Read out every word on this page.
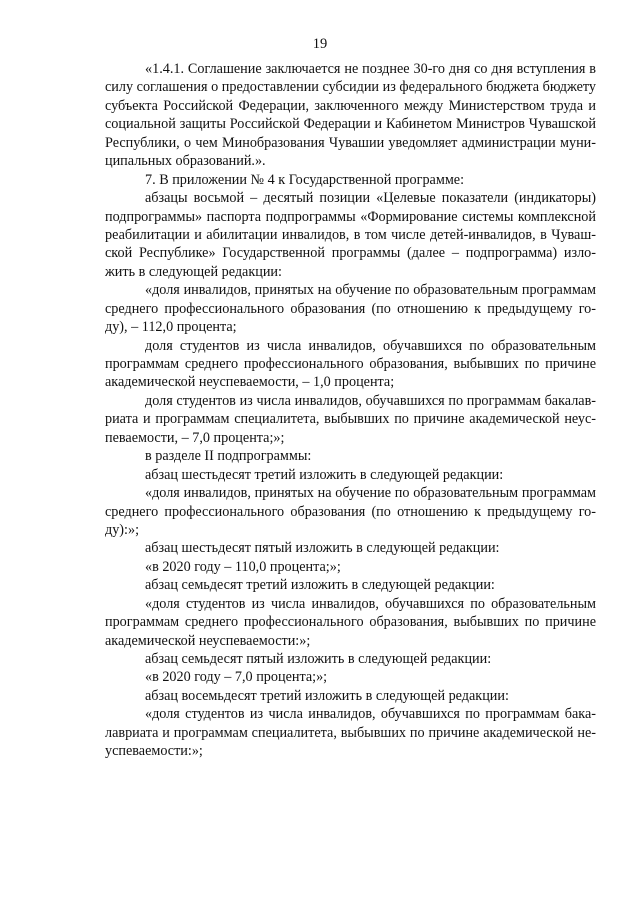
19
«1.4.1. Соглашение заключается не позднее 30-го дня со дня вступления в
силу соглашения о предоставлении субсидии из федерального бюджета бюджету
субъекта Российской Федерации, заключенного между Министерством труда и
социальной защиты Российской Федерации и Кабинетом Министров Чувашской
Республики, о чем Минобразования Чувашии уведомляет администрации муни-
ципальных образований.».
7. В приложении № 4 к Государственной программе:
абзацы восьмой – десятый позиции «Целевые показатели (индикаторы)
подпрограммы» паспорта подпрограммы «Формирование системы комплексной
реабилитации и абилитации инвалидов, в том числе детей-инвалидов, в Чуваш-
ской Республике» Государственной программы (далее – подпрограмма) изло-
жить в следующей редакции:
«доля инвалидов, принятых на обучение по образовательным программам
среднего профессионального образования (по отношению к предыдущему го-
ду), – 112,0 процента;
доля студентов из числа инвалидов, обучавшихся по образовательным
программам среднего профессионального образования, выбывших по причине
академической неуспеваемости, – 1,0 процента;
доля студентов из числа инвалидов, обучавшихся по программам бакалав-
риата и программам специалитета, выбывших по причине академической неус-
певаемости, – 7,0 процента;»;
в разделе II подпрограммы:
абзац шестьдесят третий изложить в следующей редакции:
«доля инвалидов, принятых на обучение по образовательным программам
среднего профессионального образования (по отношению к предыдущему го-
ду):»;
абзац шестьдесят пятый изложить в следующей редакции:
«в 2020 году – 110,0 процента;»;
абзац семьдесят третий изложить в следующей редакции:
«доля студентов из числа инвалидов, обучавшихся по образовательным
программам среднего профессионального образования, выбывших по причине
академической неуспеваемости:»;
абзац семьдесят пятый изложить в следующей редакции:
«в 2020 году – 7,0 процента;»;
абзац восемьдесят третий изложить в следующей редакции:
«доля студентов из числа инвалидов, обучавшихся по программам бака-
лавриата и программам специалитета, выбывших по причине академической не-
успеваемости:»;
